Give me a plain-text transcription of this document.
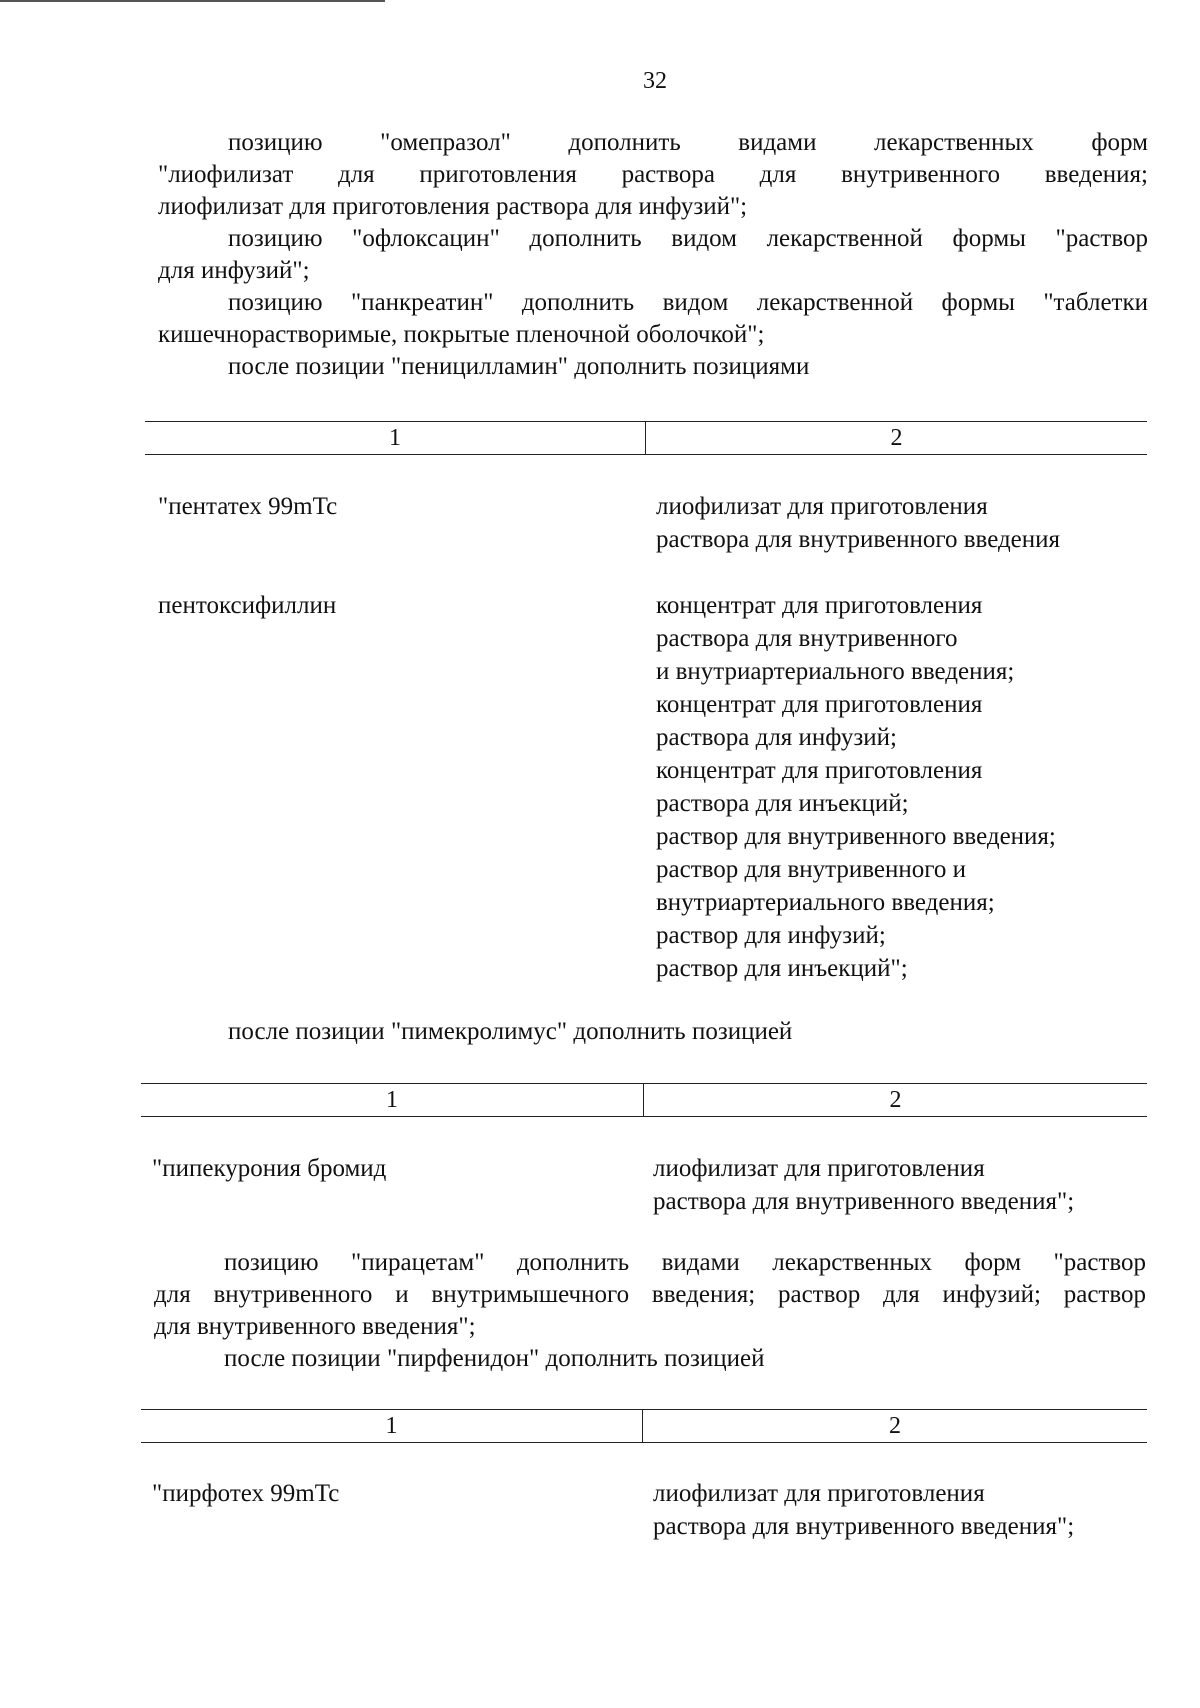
32
позицию "омепразол" дополнить видами лекарственных форм
"лиофилизат для приготовления раствора для внутривенного введения;
лиофилизат для приготовления раствора для инфузий";
позицию "офлоксацин" дополнить видом лекарственной формы "раствор
для инфузий";
позицию "панкреатин" дополнить видом лекарственной формы "таблетки
кишечнорастворимые, покрытые пленочной оболочкой";
после позиции "пеницилламин" дополнить позициями
1	2
"пентатех 99mTc	лиофилизат для приготовления
раствора для внутривенного введения
пентоксифиллин	концентрат для приготовления
раствора для внутривенного
и внутриартериального введения;
концентрат для приготовления
раствора для инфузий;
концентрат для приготовления
раствора для инъекций;
раствор для внутривенного введения;
раствор для внутривенного и
внутриартериального введения;
раствор для инфузий;
раствор для инъекций";
после позиции "пимекролимус" дополнить позицией
1	2
"пипекурония бромид	лиофилизат для приготовления
раствора для внутривенного введения";
позицию "пирацетам" дополнить видами лекарственных форм "раствор
для внутривенного и внутримышечного введения; раствор для инфузий; раствор
для внутривенного введения";
после позиции "пирфенидон" дополнить позицией
1	2
"пирфотех 99mTc	лиофилизат для приготовления
раствора для внутривенного введения";
